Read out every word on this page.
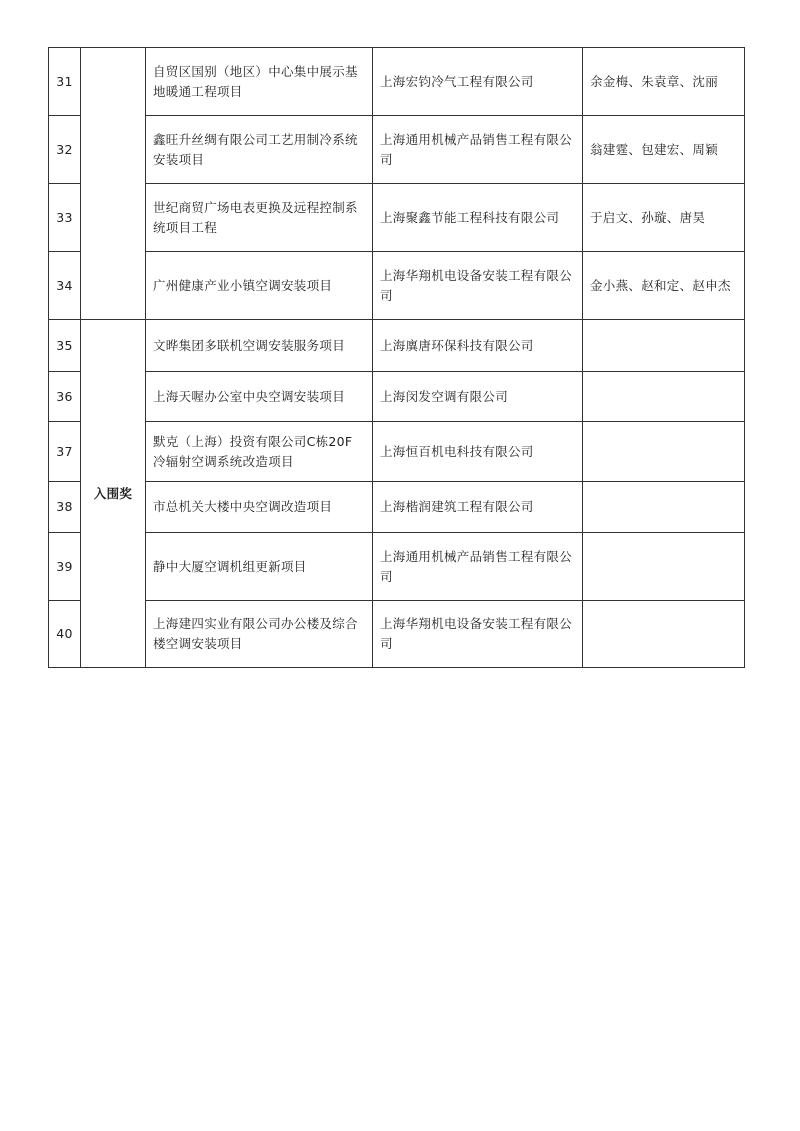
31		自贸区国别（地区）中心集中展示基地暖通工程项目	上海宏钧冷气工程有限公司	余金梅、朱袁章、沈丽
32		鑫旺升丝绸有限公司工艺用制冷系统安装项目	上海通用机械产品销售工程有限公司	翁建霆、包建宏、周颖
33		世纪商贸广场电表更换及远程控制系统项目工程	上海聚鑫节能工程科技有限公司	于启文、孙璇、唐昊
34		广州健康产业小镇空调安装项目	上海华翔机电设备安装工程有限公司	金小燕、赵和定、赵申杰
35	入围奖	文晔集团多联机空调安装服务项目	上海廙唐环保科技有限公司	
36		上海天喔办公室中央空调安装项目	上海闵发空调有限公司	
37		默克（上海）投资有限公司C栋20F冷辐射空调系统改造项目	上海恒百机电科技有限公司	
38		市总机关大楼中央空调改造项目	上海楷润建筑工程有限公司	
39		静中大厦空调机组更新项目	上海通用机械产品销售工程有限公司	
40		上海建四实业有限公司办公楼及综合楼空调安装项目	上海华翔机电设备安装工程有限公司	
